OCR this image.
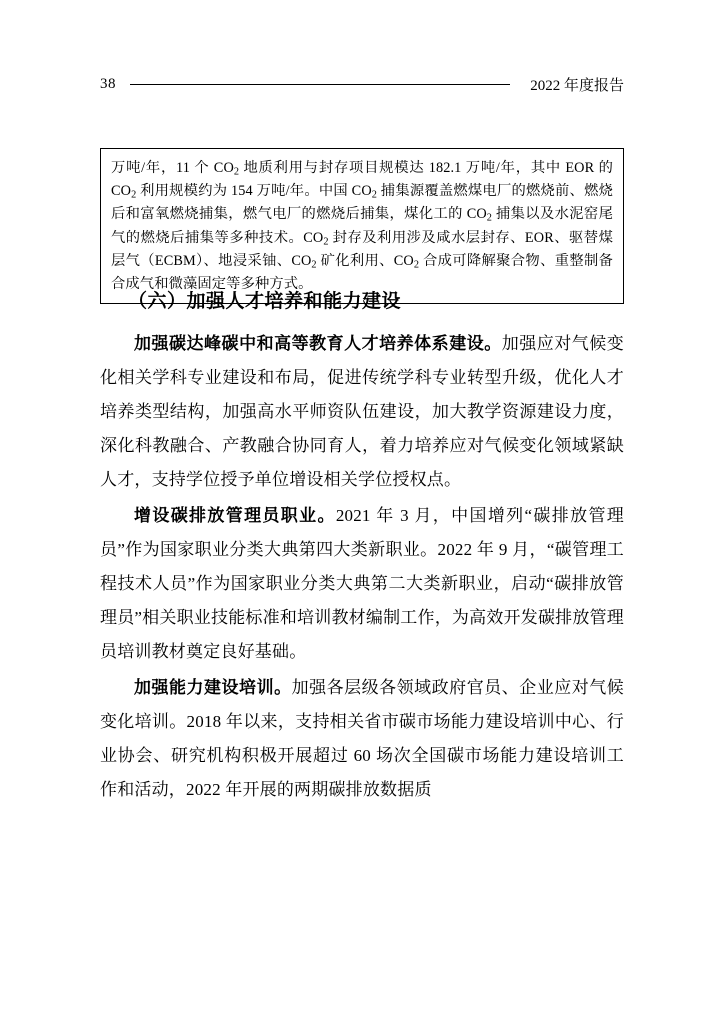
38	2022 年度报告

万吨/年，11 个 $CO_2$ 地质利用与封存项目规模达 182.1 万吨/年，其中 EOR 的 $CO_2$ 利用规模约为 154 万吨/年。中国 $CO_2$ 捕集源覆盖燃煤电厂的燃烧前、燃烧后和富氧燃烧捕集，燃气电厂的燃烧后捕集，煤化工的 $CO_2$ 捕集以及水泥窑尾气的燃烧后捕集等多种技术。$CO_2$ 封存及利用涉及咸水层封存、EOR、驱替煤层气（ECBM）、地浸采铀、$CO_2$ 矿化利用、$CO_2$ 合成可降解聚合物、重整制备合成气和微藻固定等多种方式。

（六）加强人才培养和能力建设

加强碳达峰碳中和高等教育人才培养体系建设。加强应对气候变化相关学科专业建设和布局，促进传统学科专业转型升级，优化人才培养类型结构，加强高水平师资队伍建设，加大教学资源建设力度，深化科教融合、产教融合协同育人，着力培养应对气候变化领域紧缺人才，支持学位授予单位增设相关学位授权点。

增设碳排放管理员职业。2021 年 3 月，中国增列“碳排放管理员”作为国家职业分类大典第四大类新职业。2022 年 9 月，“碳管理工程技术人员”作为国家职业分类大典第二大类新职业，启动“碳排放管理员”相关职业技能标准和培训教材编制工作，为高效开发碳排放管理员培训教材奠定良好基础。

加强能力建设培训。加强各层级各领域政府官员、企业应对气候变化培训。2018 年以来，支持相关省市碳市场能力建设培训中心、行业协会、研究机构积极开展超过 60 场次全国碳市场能力建设培训工作和活动，2022 年开展的两期碳排放数据质
